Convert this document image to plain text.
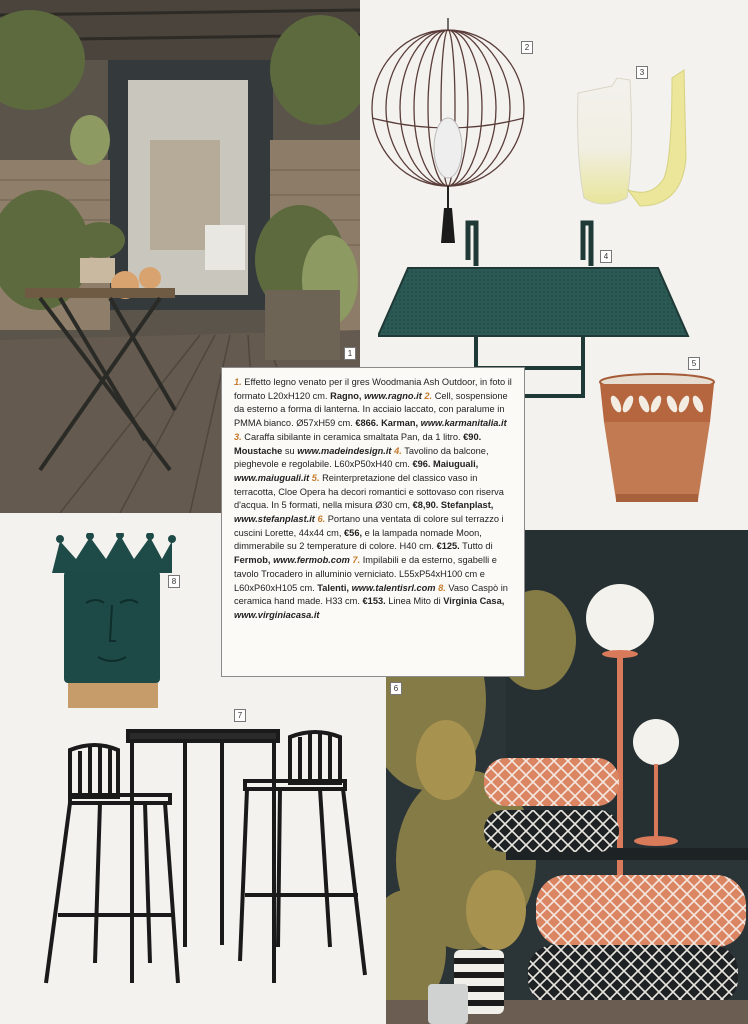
1
2
3
4
5
8
7
6
1. Effetto legno venato per il gres Woodmania Ash Outdoor, in foto il formato L20xH120 cm. Ragno, www.ragno.it 2. Cell, sospensione da esterno a forma di lanterna. In acciaio laccato, con paralume in PMMA bianco. Ø57xH59 cm. €866. Karman, www.karmanitalia.it 3. Caraffa sibilante in ceramica smaltata Pan, da 1 litro. €90. Moustache su www.madeindesign.it 4. Tavolino da balcone, pieghevole e regolabile. L60xP50xH40 cm. €96. Maiuguali, www.maiuguali.it 5. Reinterpretazione del classico vaso in terracotta, Cloe Opera ha decori romantici e sottovaso con riserva d'acqua. In 5 formati, nella misura Ø30 cm, €8,90. Stefanplast, www.stefanplast.it 6. Portano una ventata di colore sul terrazzo i cuscini Lorette, 44x44 cm, €56, e la lampada nomade Moon, dimmerabile su 2 temperature di colore. H40 cm. €125. Tutto di Fermob, www.fermob.com 7. Impilabili e da esterno, sgabelli e tavolo Trocadero in alluminio verniciato. L55xP54xH100 cm e L60xP60xH105 cm. Talenti, www.talentisrl.com 8. Vaso Caspò in ceramica hand made. H33 cm. €153. Linea Mito di Virginia Casa, www.virginiacasa.it
